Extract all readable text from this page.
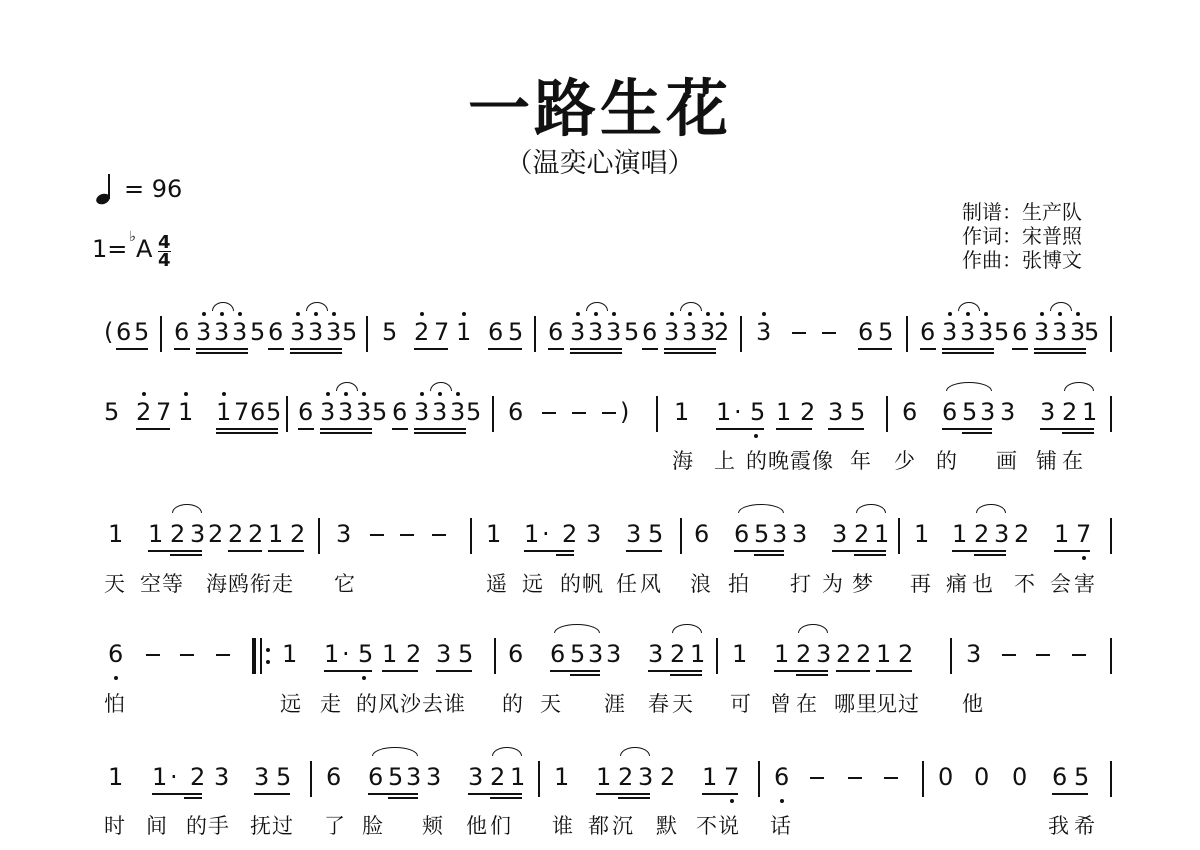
一路生花
（温奕心演唱）
= 96
1= ♭ A 4
4
制谱：生产队
作词：宋普照
作曲：张博文
( 6 5 6 3 3 3 5 6 3 3 3 5 5 2 7 1 6 5 6 3 3 3 5 6 3 3 3
2 3	6 5 6 3 3 3 5 6 3 3 3
5
5 2 7 1 1 7 6 5 6 3 3 3 5 6 3 3 3 5 6	) 1 1 · 5 1 2 3 5 6 6 5 3 3 3 2 1
1 1 2 3 2 2 2 1 2 3	1 1 · 2 3 3 5 6 6 5 3 3 3 2 1 1 1 2 3 2 1 7
6	1 1 · 5 1 2 3 5 6 6 5 3 3 3 2 1 1 1 2 3 2 2 1 2 3
1 1 · 2 3 3 5 6 6 5 3 3 3 2 1 1 1 2 3 2 1 7 6	0 0 0 6 5
海 上 的 晚 霞 像 年 少 的 画 铺 在
天 空 等 海 鸥 衔 走 它	遥 远 的 帆 任 风 浪 拍 打 为 梦 再 痛 也 不 会 害
怕	远 走 的 风 沙 去 谁 的 天 涯 春 天 可 曾 在 哪 里 见 过 他
时 间 的 手 抚 过 了 脸 颊 他 们 谁 都 沉 默 不 说 话	我 希
